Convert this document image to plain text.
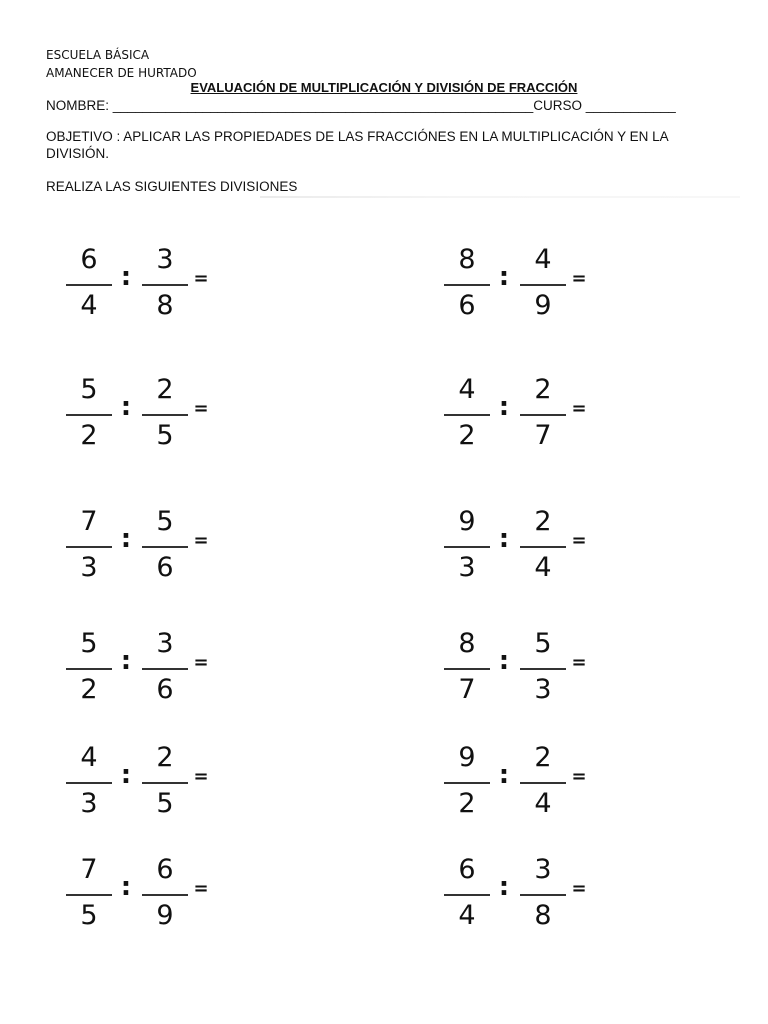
ESCUELA BÁSICA
AMANECER DE HURTADO
EVALUACIÓN DE MULTIPLICACIÓN Y DIVISIÓN DE FRACCIÓN
NOMBRE: ________________________________________________________CURSO ____________
OBJETIVO : APLICAR LAS PROPIEDADES DE LAS FRACCIÓNES EN LA MULTIPLICACIÓN Y EN LA DIVISIÓN.
REALIZA LAS SIGUIENTES DIVISIONES
6
4
:
3
8
=
8
6
:
4
9
=
5
2
:
2
5
=
4
2
:
2
7
=
7
3
:
5
6
=
9
3
:
2
4
=
5
2
:
3
6
=
8
7
:
5
3
=
4
3
:
2
5
=
9
2
:
2
4
=
7
5
:
6
9
=
6
4
:
3
8
=
